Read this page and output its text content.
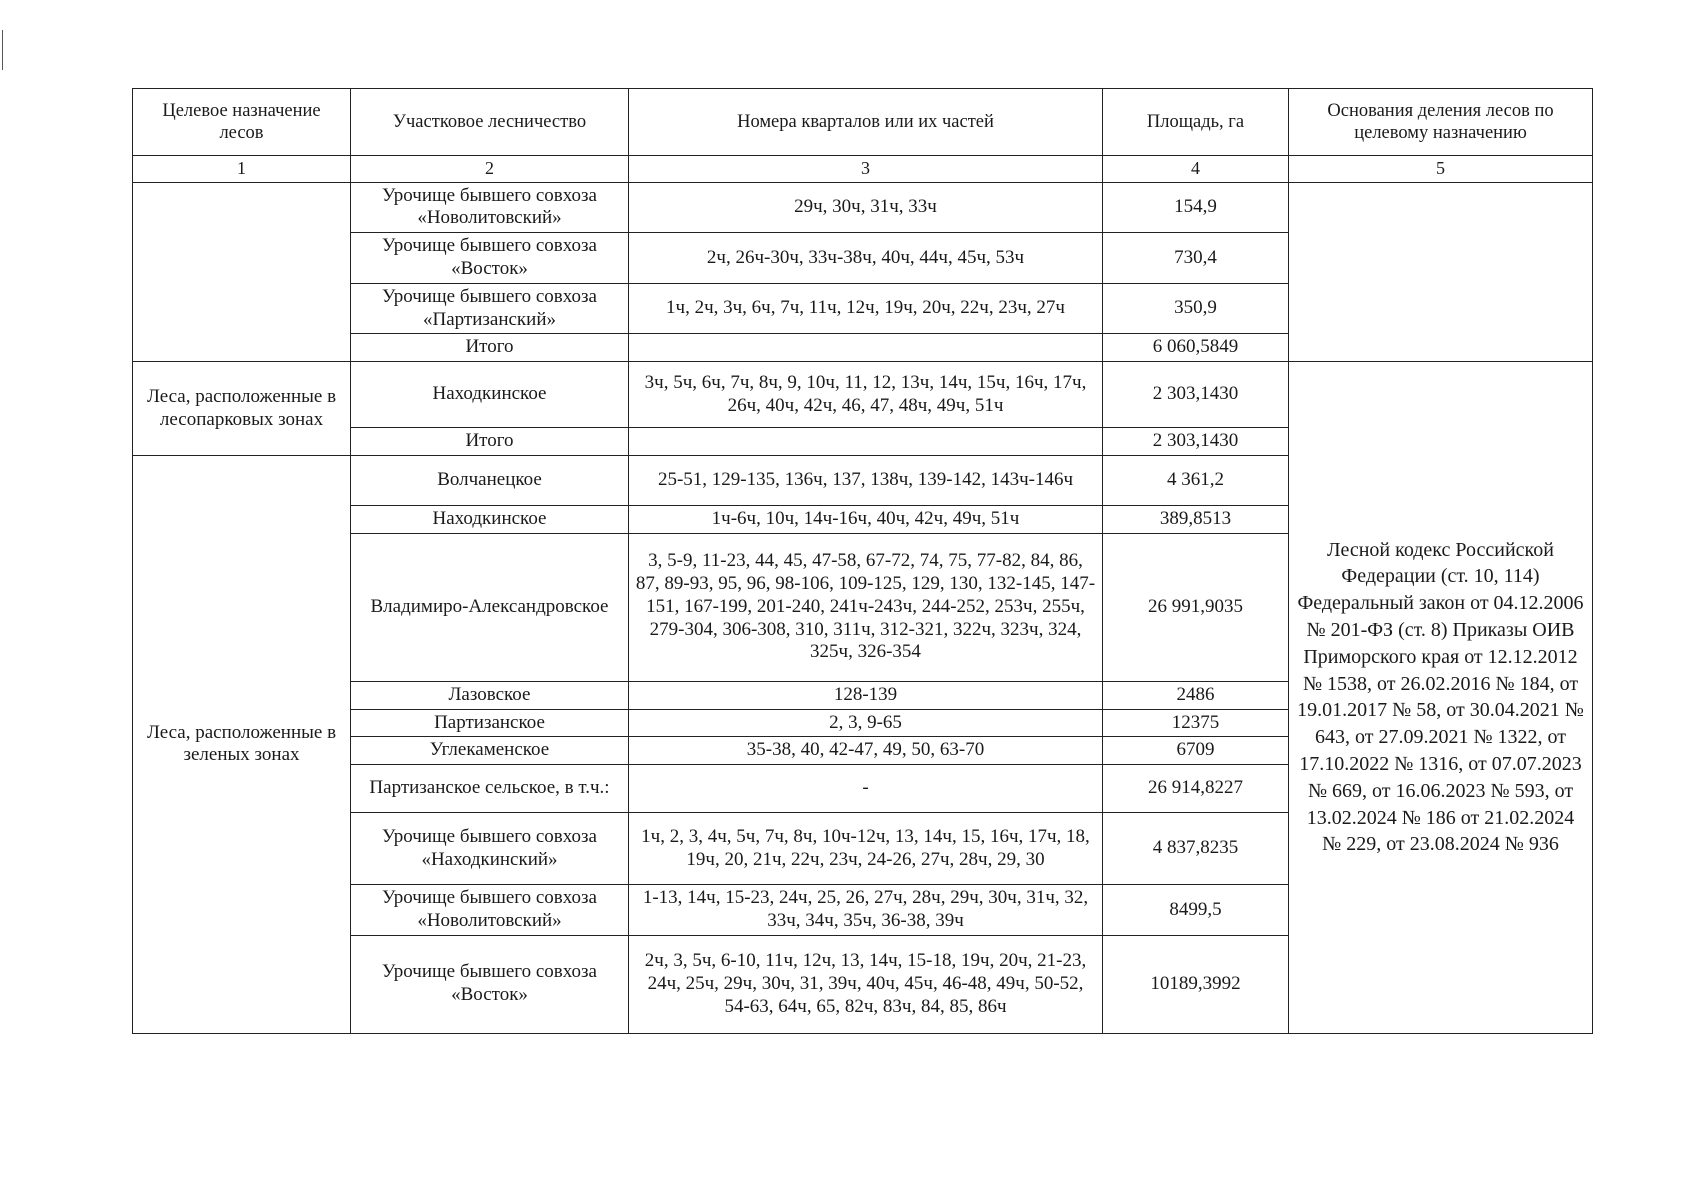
Целевое назначение лесов	Участковое лесничество	Номера кварталов или их частей	Площадь, га	Основания деления лесов по целевому назначению
1	2	3	4	5
	Урочище бывшего совхоза «Новолитовский»	29ч, 30ч, 31ч, 33ч	154,9	
	Урочище бывшего совхоза «Восток»	2ч, 26ч-30ч, 33ч-38ч, 40ч, 44ч, 45ч, 53ч	730,4	
	Урочище бывшего совхоза «Партизанский»	1ч, 2ч, 3ч, 6ч, 7ч, 11ч, 12ч, 19ч, 20ч, 22ч, 23ч, 27ч	350,9	
	Итого		6 060,5849	
Леса, расположенные в лесопарковых зонах	Находкинское	3ч, 5ч, 6ч, 7ч, 8ч, 9, 10ч, 11, 12, 13ч, 14ч, 15ч, 16ч, 17ч, 26ч, 40ч, 42ч, 46, 47, 48ч, 49ч, 51ч	2 303,1430	Лесной кодекс Российской Федерации (ст. 10, 114) Федеральный закон от 04.12.2006 № 201-ФЗ (ст. 8) Приказы ОИВ Приморского края от 12.12.2012 № 1538, от 26.02.2016 № 184, от 19.01.2017 № 58, от 30.04.2021 № 643, от 27.09.2021 № 1322, от 17.10.2022 № 1316, от 07.07.2023 № 669, от 16.06.2023 № 593, от 13.02.2024 № 186 от 21.02.2024 № 229, от 23.08.2024 № 936
	Итого		2 303,1430	
Леса, расположенные в зеленых зонах	Волчанецкое	25-51, 129-135, 136ч, 137, 138ч, 139-142, 143ч-146ч	4 361,2	
	Находкинское	1ч-6ч, 10ч, 14ч-16ч, 40ч, 42ч, 49ч, 51ч	389,8513	
	Владимиро-Александровское	3, 5-9, 11-23, 44, 45, 47-58, 67-72, 74, 75, 77-82, 84, 86, 87, 89-93, 95, 96, 98-106, 109-125, 129, 130, 132-145, 147-151, 167-199, 201-240, 241ч-243ч, 244-252, 253ч, 255ч, 279-304, 306-308, 310, 311ч, 312-321, 322ч, 323ч, 324, 325ч, 326-354	26 991,9035	
	Лазовское	128-139	2486	
	Партизанское	2, 3, 9-65	12375	
	Углекаменское	35-38, 40, 42-47, 49, 50, 63-70	6709	
	Партизанское сельское, в т.ч.:	-	26 914,8227	
	Урочище бывшего совхоза «Находкинский»	1ч, 2, 3, 4ч, 5ч, 7ч, 8ч, 10ч-12ч, 13, 14ч, 15, 16ч, 17ч, 18, 19ч, 20, 21ч, 22ч, 23ч, 24-26, 27ч, 28ч, 29, 30	4 837,8235	
	Урочище бывшего совхоза «Новолитовский»	1-13, 14ч, 15-23, 24ч, 25, 26, 27ч, 28ч, 29ч, 30ч, 31ч, 32, 33ч, 34ч, 35ч, 36-38, 39ч	8499,5	
	Урочище бывшего совхоза «Восток»	2ч, 3, 5ч, 6-10, 11ч, 12ч, 13, 14ч, 15-18, 19ч, 20ч, 21-23, 24ч, 25ч, 29ч, 30ч, 31, 39ч, 40ч, 45ч, 46-48, 49ч, 50-52, 54-63, 64ч, 65, 82ч, 83ч, 84, 85, 86ч	10189,3992	
